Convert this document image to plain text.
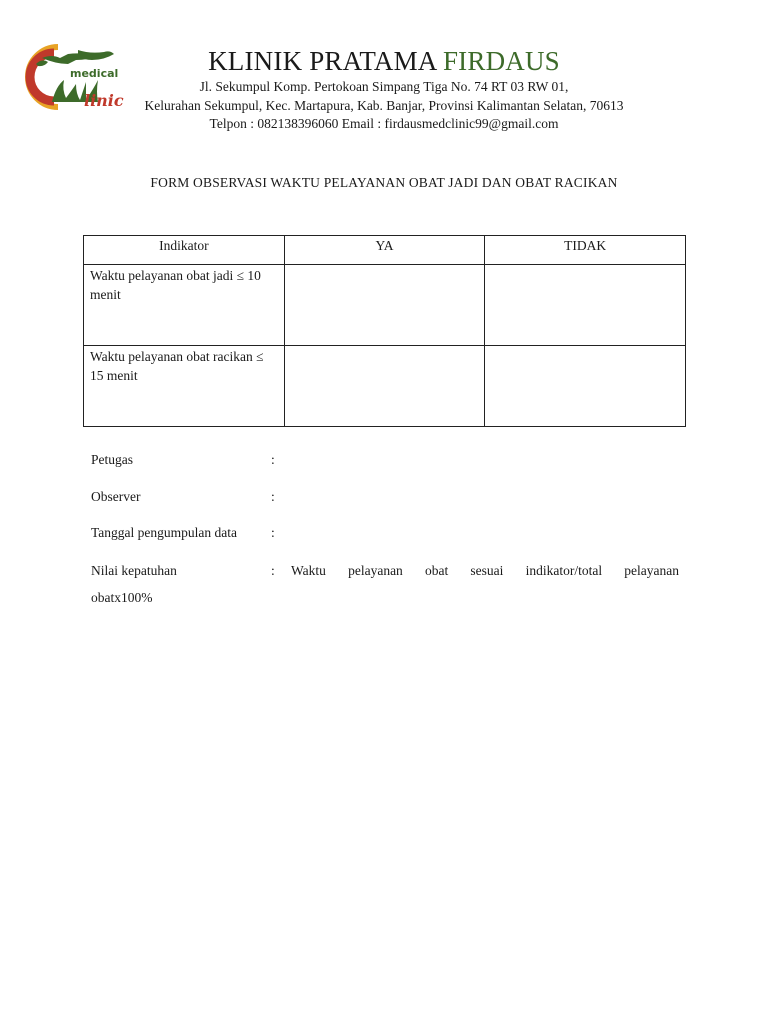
medical
linic
KLINIK PRATAMA FIRDAUS
Jl. Sekumpul Komp. Pertokoan Simpang Tiga No. 74 RT 03 RW 01,
Kelurahan Sekumpul, Kec. Martapura, Kab. Banjar, Provinsi Kalimantan Selatan, 70613
Telpon : 082138396060 Email : firdausmedclinic99@gmail.com
FORM OBSERVASI WAKTU PELAYANAN OBAT JADI DAN OBAT RACIKAN
Indikator	YA	TIDAK
Waktu pelayanan obat jadi ≤ 10 menit		
Waktu pelayanan obat racikan ≤ 15 menit		
Petugas	:
Observer	:
Tanggal pengumpulan data	:
Nilai kepatuhan	: Waktu pelayanan obat sesuai indikator/total pelayanan
obatx100%
